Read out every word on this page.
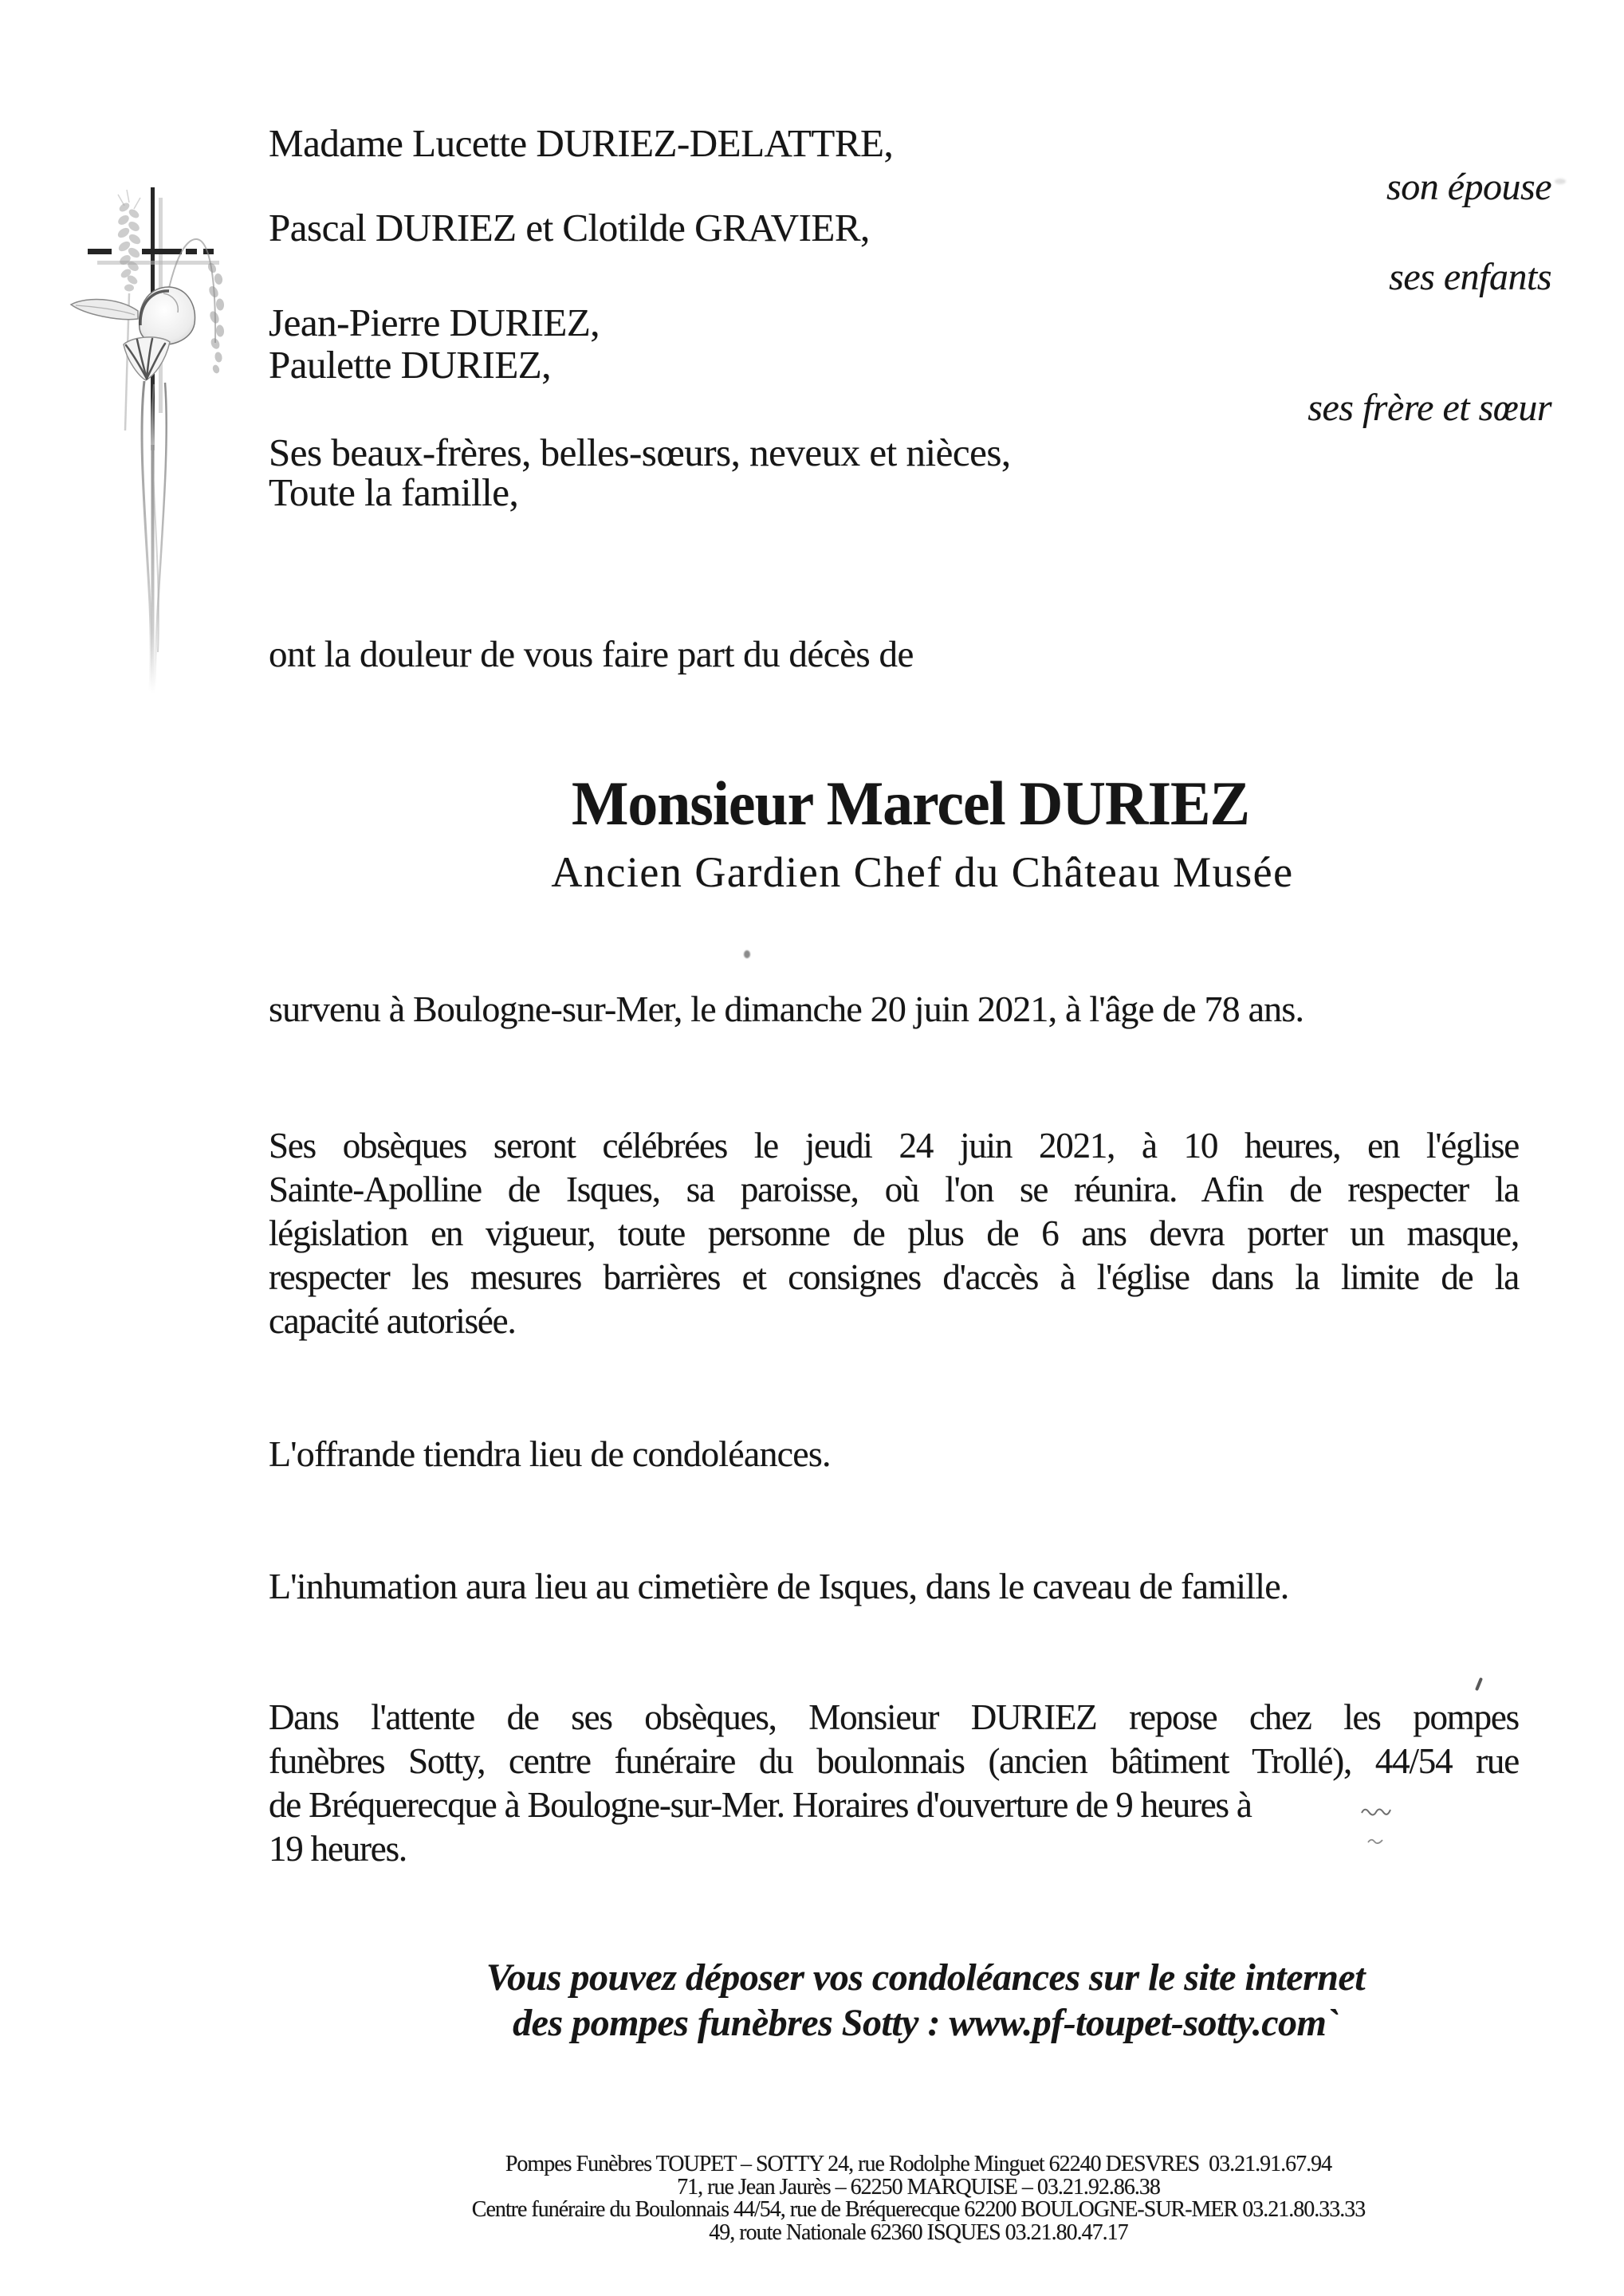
Madame Lucette DURIEZ-DELATTRE,
Pascal DURIEZ et Clotilde GRAVIER,
Jean-Pierre DURIEZ,
Paulette DURIEZ,
Ses beaux-frères, belles-sœurs, neveux et nièces,
Toute la famille,
son épouse
ses enfants
ses frère et sœur
ont la douleur de vous faire part du décès de
Monsieur Marcel DURIEZ
Ancien Gardien Chef du Château Musée
survenu à Boulogne-sur-Mer, le dimanche 20 juin 2021, à l'âge de 78 ans.
Ses obsèques seront célébrées le jeudi 24 juin 2021, à 10 heures, en l'église
Sainte-Apolline de Isques, sa paroisse, où l'on se réunira. Afin de respecter la
législation en vigueur, toute personne de plus de 6 ans devra porter un masque,
respecter les mesures barrières et consignes d'accès à l'église dans la limite de la
capacité autorisée.
L'offrande tiendra lieu de condoléances.
L'inhumation aura lieu au cimetière de Isques, dans le caveau de famille.
Dans l'attente de ses obsèques, Monsieur DURIEZ repose chez les pompes
funèbres Sotty, centre funéraire du boulonnais (ancien bâtiment Trollé), 44/54 rue
de Bréquerecque à Boulogne-sur-Mer. Horaires d'ouverture de 9 heures à
19 heures.
Vous pouvez déposer vos condoléances sur le site internet
des pompes funèbres Sotty : www.pf-toupet-sotty.com`
Pompes Funèbres TOUPET – SOTTY 24, rue Rodolphe Minguet 62240 DESVRES  03.21.91.67.94
71, rue Jean Jaurès – 62250 MARQUISE – 03.21.92.86.38
Centre funéraire du Boulonnais 44/54, rue de Bréquerecque 62200 BOULOGNE-SUR-MER 03.21.80.33.33
49, route Nationale 62360 ISQUES 03.21.80.47.17
